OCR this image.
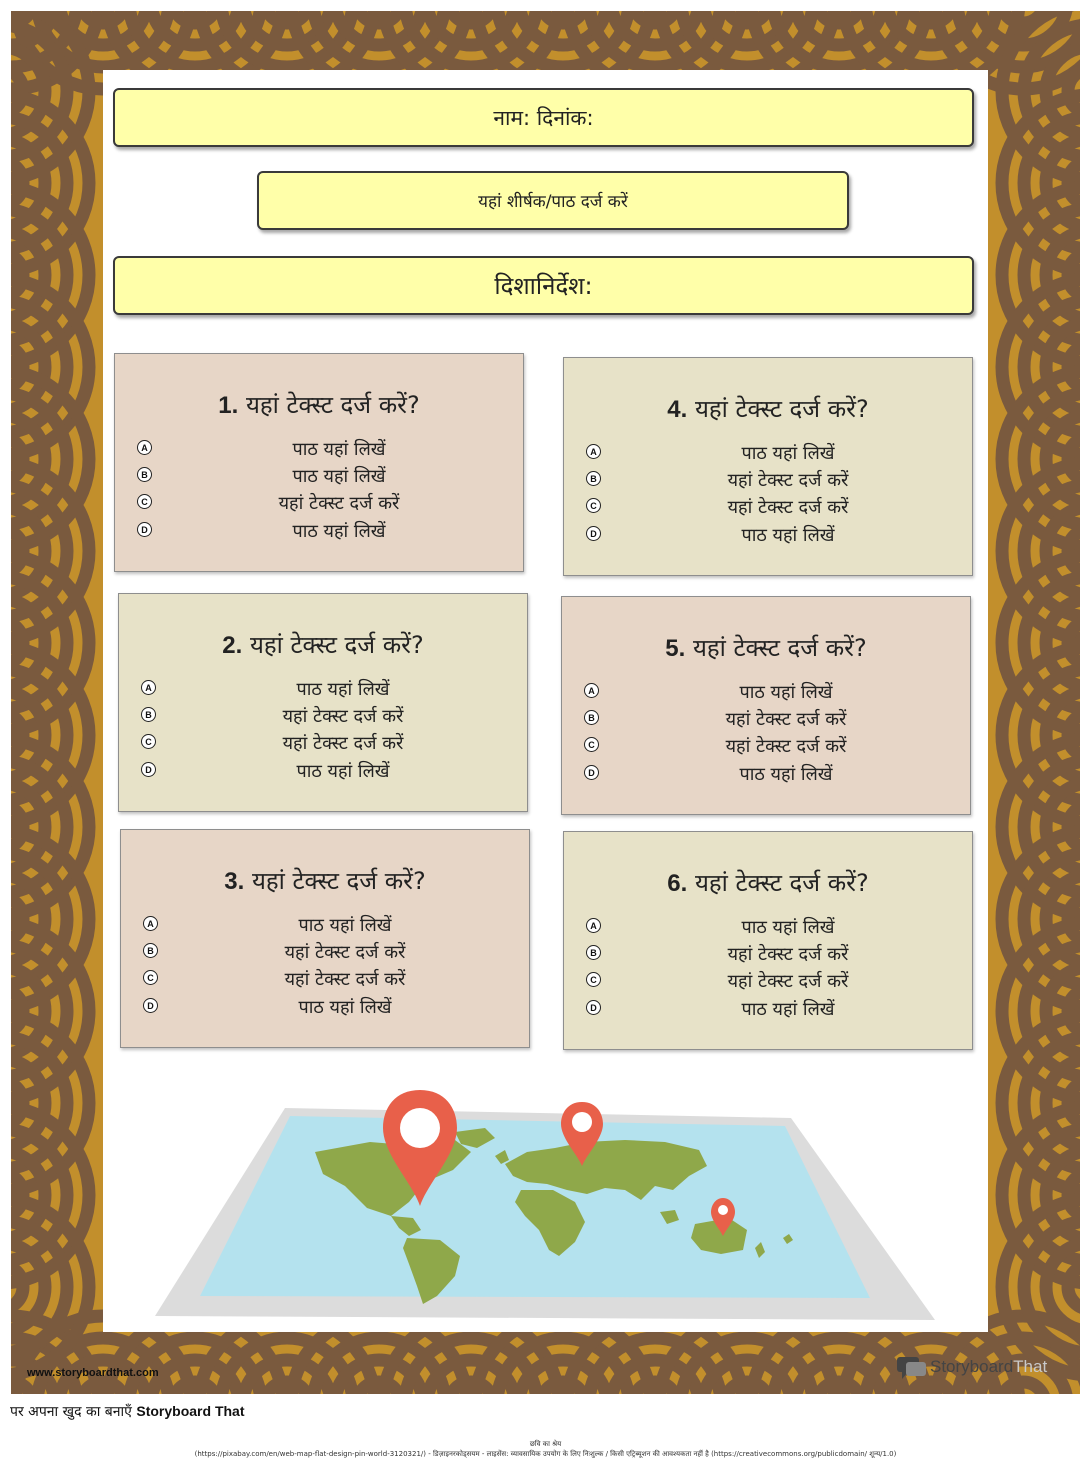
नाम: दिनांक:
यहां शीर्षक/पाठ दर्ज करें
दिशानिर्देश:
1. यहां टेक्स्ट दर्ज करें?
A	पाठ यहां लिखें
B	पाठ यहां लिखें
C	यहां टेक्स्ट दर्ज करें
D	पाठ यहां लिखें
2. यहां टेक्स्ट दर्ज करें?
A	पाठ यहां लिखें
B	यहां टेक्स्ट दर्ज करें
C	यहां टेक्स्ट दर्ज करें
D	पाठ यहां लिखें
3. यहां टेक्स्ट दर्ज करें?
A	पाठ यहां लिखें
B	यहां टेक्स्ट दर्ज करें
C	यहां टेक्स्ट दर्ज करें
D	पाठ यहां लिखें
4. यहां टेक्स्ट दर्ज करें?
A	पाठ यहां लिखें
B	यहां टेक्स्ट दर्ज करें
C	यहां टेक्स्ट दर्ज करें
D	पाठ यहां लिखें
5. यहां टेक्स्ट दर्ज करें?
A	पाठ यहां लिखें
B	यहां टेक्स्ट दर्ज करें
C	यहां टेक्स्ट दर्ज करें
D	पाठ यहां लिखें
6. यहां टेक्स्ट दर्ज करें?
A	पाठ यहां लिखें
B	यहां टेक्स्ट दर्ज करें
C	यहां टेक्स्ट दर्ज करें
D	पाठ यहां लिखें
www.storyboardthat.com	StoryboardThat
पर अपना खुद का बनाएँ Storyboard That
छवि का श्रेय
(https://pixabay.com/en/web-map-flat-design-pin-world-3120321/) - डिज़ाइनरकोड्सयम - लाइसेंस: व्यावसायिक उपयोग के लिए निःशुल्क / किसी एट्रिब्यूशन की आवश्यकता नहीं है (https://creativecommons.org/publicdomain/ शून्य/1.0)
